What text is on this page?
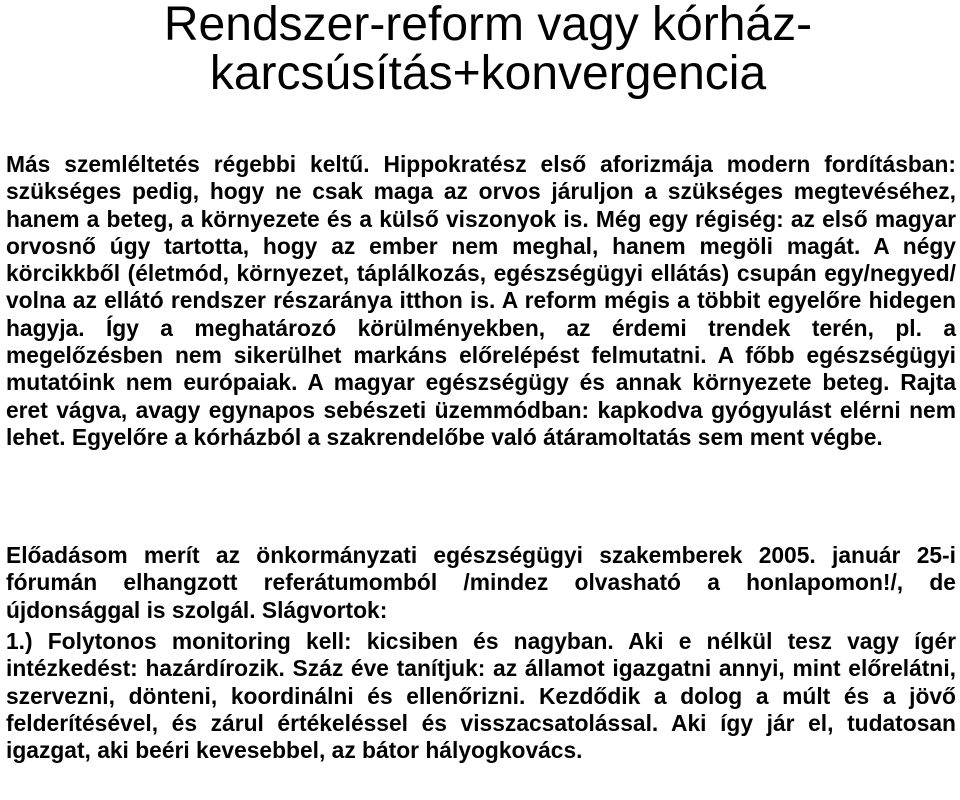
Rendszer-reform vagy kórház-
karcsúsítás+konvergencia

Más szemléltetés régebbi keltű. Hippokratész első aforizmája modern fordításban: szükséges pedig, hogy ne csak maga az orvos járuljon a szükséges megtevéséhez, hanem a beteg, a környezete és a külső viszonyok is. Még egy régiség: az első magyar orvosnő úgy tartotta, hogy az ember nem meghal, hanem megöli magát. A négy körcikkből (életmód, környezet, táplálkozás, egészségügyi ellátás) csupán egy/negyed/ volna az ellátó rendszer részaránya itthon is. A reform mégis a többit egyelőre hidegen hagyja. Így a meghatározó körülményekben, az érdemi trendek terén, pl. a megelőzésben nem sikerülhet markáns előrelépést felmutatni. A főbb egészségügyi mutatóink nem európaiak. A magyar egészségügy és annak környezete beteg. Rajta eret vágva, avagy egynapos sebészeti üzemmódban: kapkodva gyógyulást elérni nem lehet. Egyelőre a kórházból a szakrendelőbe való átáramoltatás sem ment végbe.

Előadásom merít az önkormányzati egészségügyi szakemberek 2005. január 25-i fórumán elhangzott referátumomból /mindez olvasható a honlapomon!/, de újdonsággal is szolgál. Slágvortok:

1.) Folytonos monitoring kell: kicsiben és nagyban. Aki e nélkül tesz vagy ígér intézkedést: hazárdírozik. Száz éve tanítjuk: az államot igazgatni annyi, mint előrelátni, szervezni, dönteni, koordinálni és ellenőrizni. Kezdődik a dolog a múlt és a jövő felderítésével, és zárul értékeléssel és visszacsatolással. Aki így jár el, tudatosan igazgat, aki beéri kevesebbel, az bátor hályogkovács.
